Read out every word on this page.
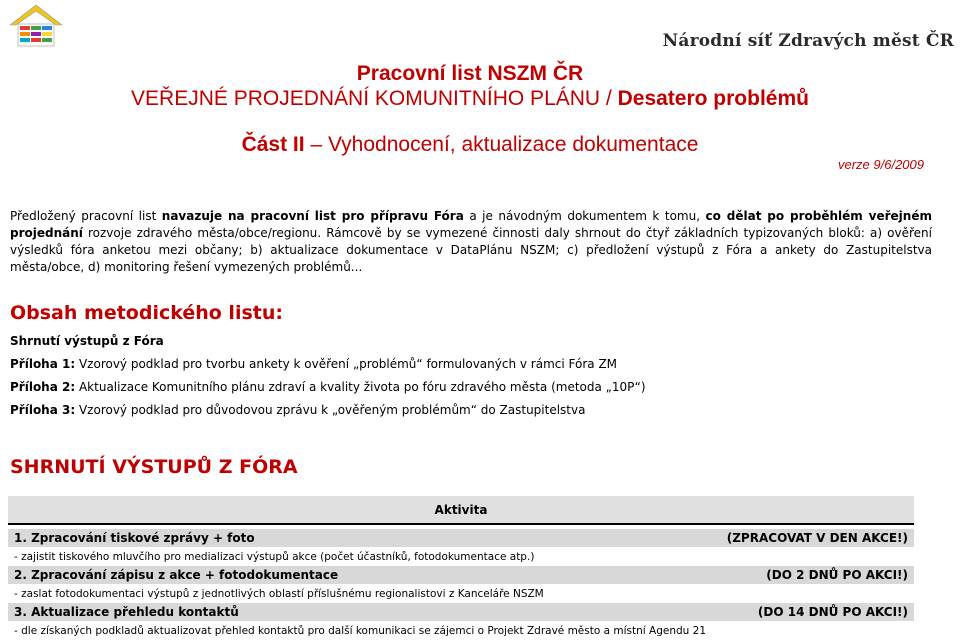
Národní síť Zdravých měst ČR
Pracovní list NSZM ČR
VEŘEJNÉ PROJEDNÁNÍ KOMUNITNÍHO PLÁNU / Desatero problémů
Část II – Vyhodnocení, aktualizace dokumentace
verze 9/6/2009
Předložený pracovní list navazuje na pracovní list pro přípravu Fóra a je návodným dokumentem k tomu, co dělat po proběhlém veřejném projednání rozvoje zdravého města/obce/regionu. Rámcově by se vymezené činnosti daly shrnout do čtyř základních typizovaných bloků: a) ověření výsledků fóra anketou mezi občany; b) aktualizace dokumentace v DataPlánu NSZM; c) předložení výstupů z Fóra a ankety do Zastupitelstva města/obce, d) monitoring řešení vymezených problémů...
Obsah metodického listu:
Shrnutí výstupů z Fóra
Příloha 1: Vzorový podklad pro tvorbu ankety k ověření „problémů“ formulovaných v rámci Fóra ZM
Příloha 2: Aktualizace Komunitního plánu zdraví a kvality života po fóru zdravého města (metoda „10P“)
Příloha 3: Vzorový podklad pro důvodovou zprávu k „ověřeným problémům“ do Zastupitelstva
SHRNUTÍ VÝSTUPŮ Z FÓRA
Aktivita	

1. Zpracování tiskové zprávy + foto	(ZPRACOVAT V DEN AKCE!)
- zajistit tiskového mluvčího pro medializaci výstupů akce (počet účastníků, fotodokumentace atp.)	
2. Zpracování zápisu z akce + fotodokumentace	(DO 2 DNŮ PO AKCI!)
- zaslat fotodokumentaci výstupů z jednotlivých oblastí příslušnému regionalistovi z Kanceláře NSZM	
3. Aktualizace přehledu kontaktů	(DO 14 DNŮ PO AKCI!)
- dle získaných podkladů aktualizovat přehled kontaktů pro další komunikaci se zájemci o Projekt Zdravé město a místní Agendu 21	
